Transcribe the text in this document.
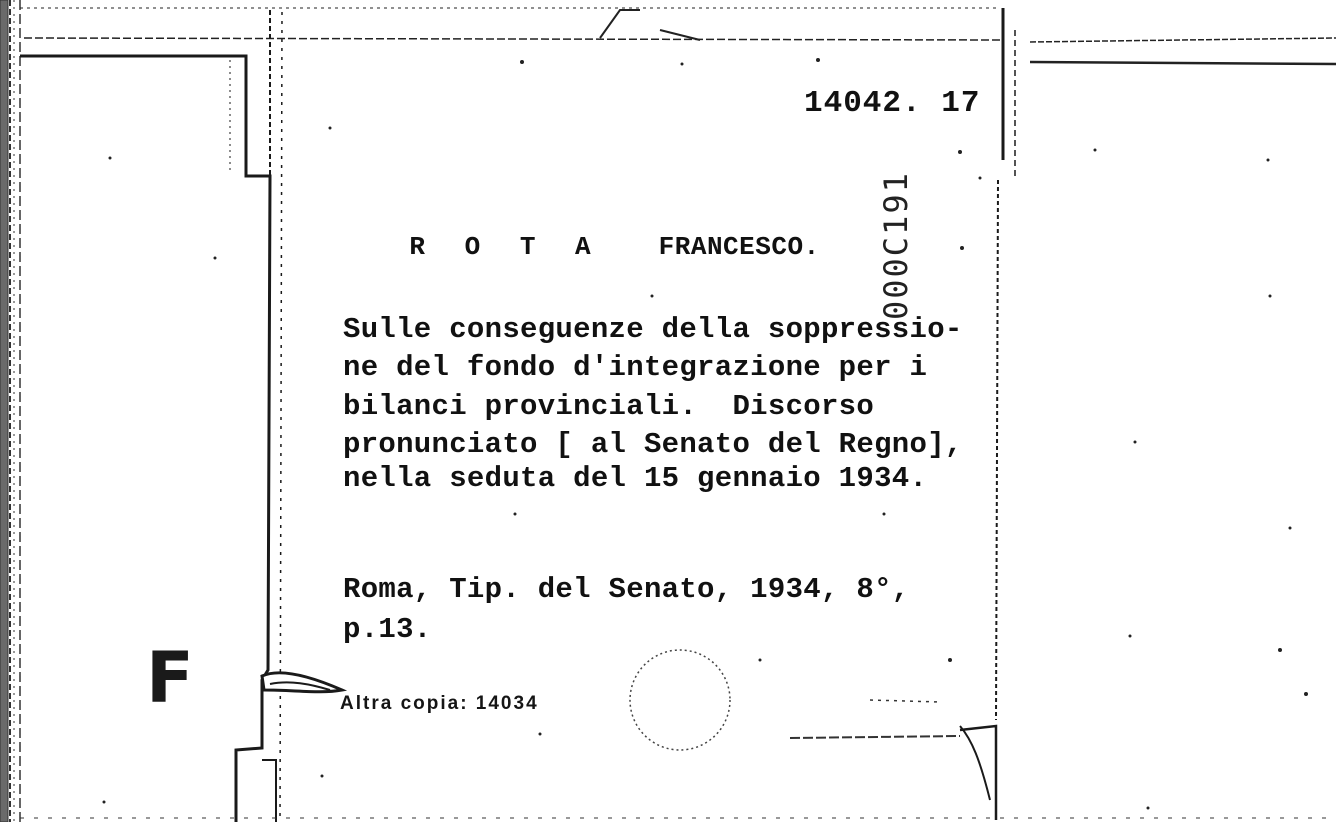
F
14042. 17
000C191

R O T A FRANCESCO.

Sulle conseguenze della soppressio-
ne del fondo d'integrazione per i
bilanci provinciali.  Discorso
pronunciato [ al Senato del Regno],
nella seduta del 15 gennaio 1934.
Roma, Tip. del Senato, 1934, 8°,
p.13.
Altra copia: 14034
